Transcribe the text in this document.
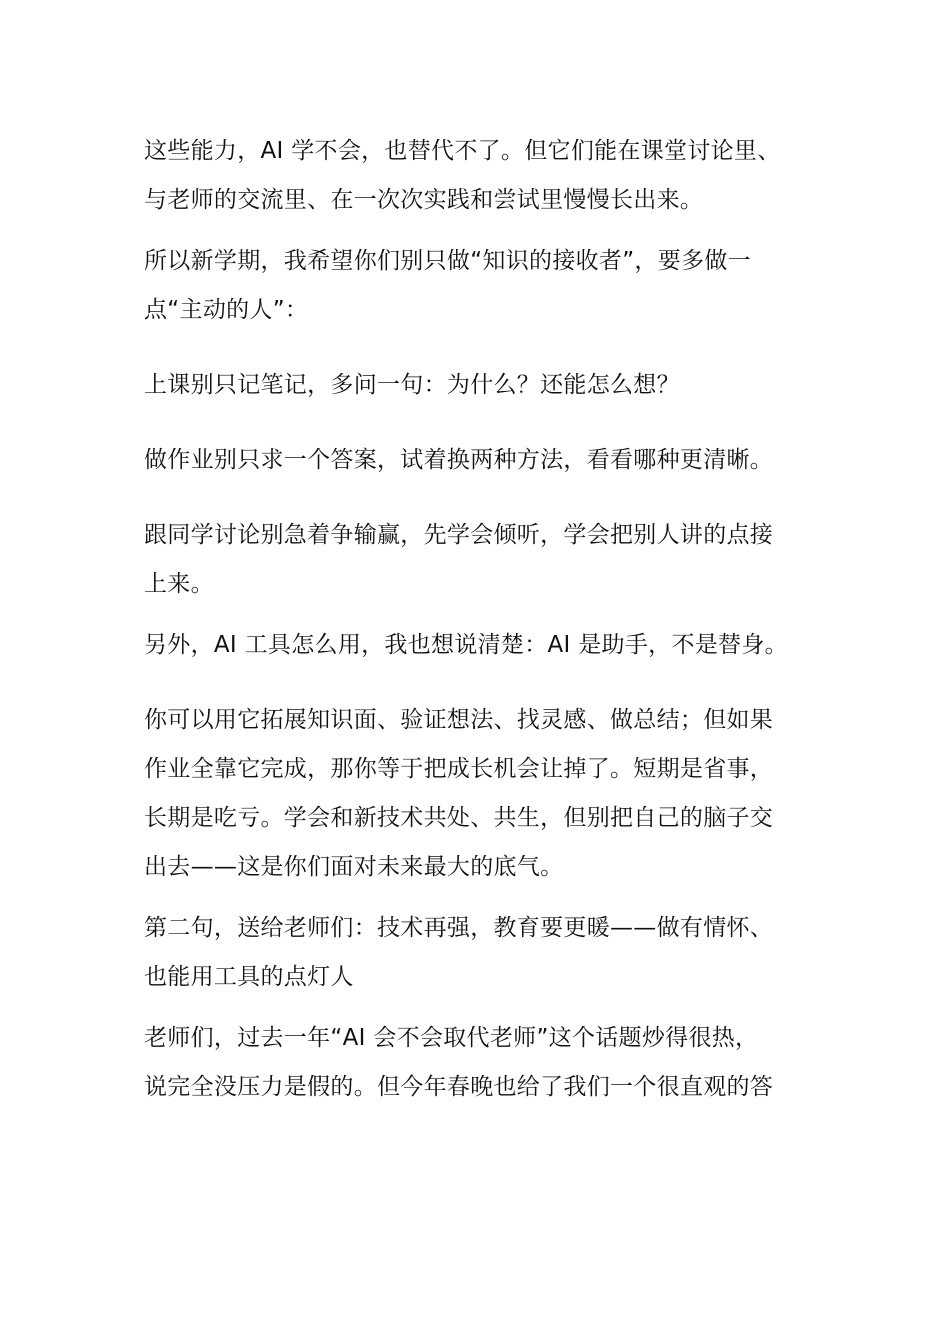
这些能力，AI 学不会，也替代不了。但它们能在课堂讨论里、
与老师的交流里、在一次次实践和尝试里慢慢长出来。

所以新学期，我希望你们别只做“知识的接收者”，要多做一
点“主动的人”：

上课别只记笔记，多问一句：为什么？还能怎么想？

做作业别只求一个答案，试着换两种方法，看看哪种更清晰。

跟同学讨论别急着争输赢，先学会倾听，学会把别人讲的点接
上来。

另外，AI 工具怎么用，我也想说清楚：AI 是助手，不是替身。

你可以用它拓展知识面、验证想法、找灵感、做总结；但如果
作业全靠它完成，那你等于把成长机会让掉了。短期是省事，
长期是吃亏。学会和新技术共处、共生，但别把自己的脑子交
出去——这是你们面对未来最大的底气。

第二句，送给老师们：技术再强，教育要更暖——做有情怀、
也能用工具的点灯人

老师们，过去一年“AI 会不会取代老师”这个话题炒得很热，
说完全没压力是假的。但今年春晚也给了我们一个很直观的答
